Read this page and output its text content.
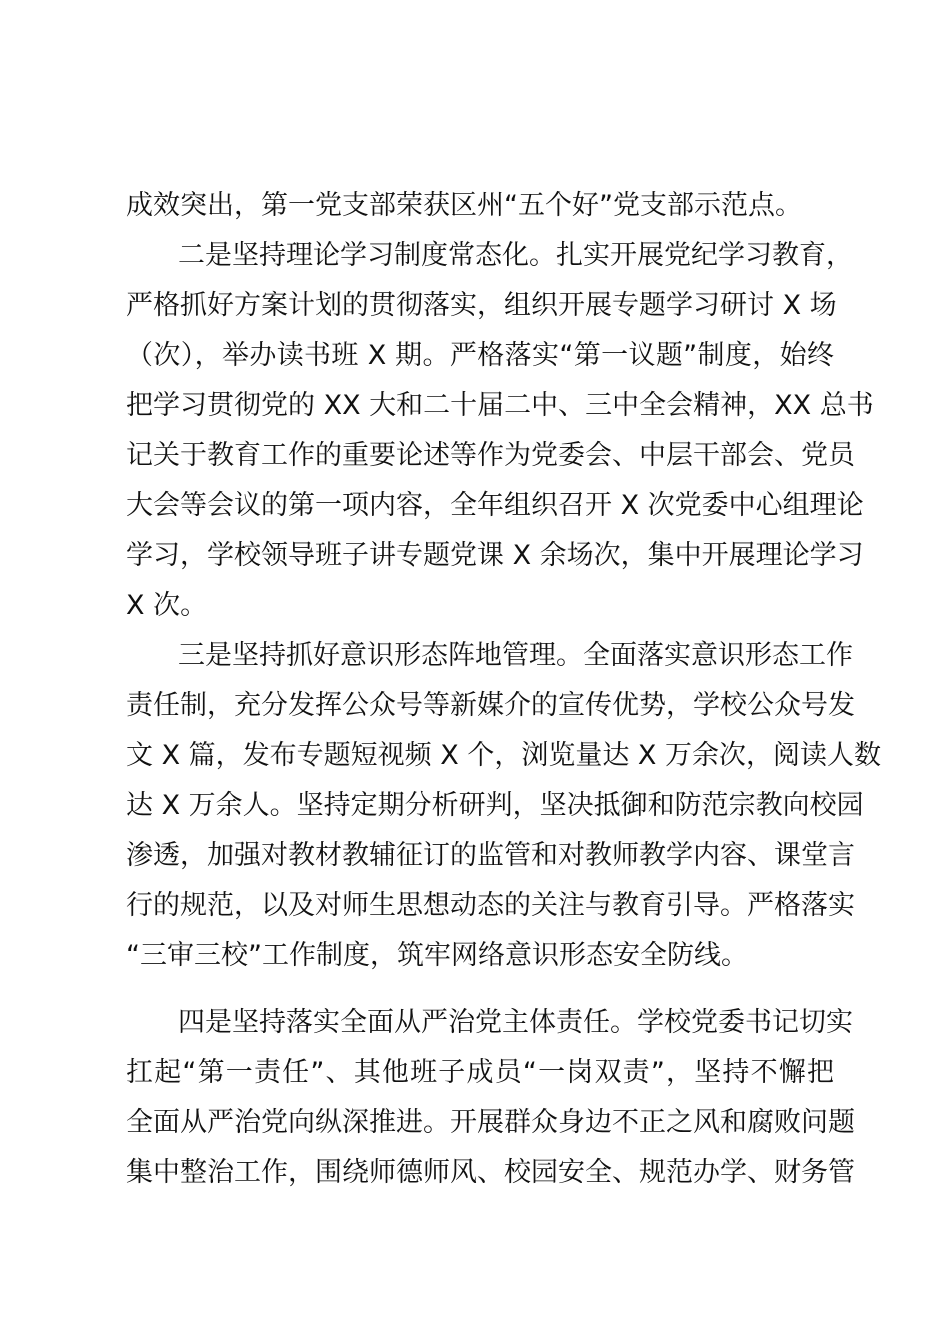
成效突出，第一党支部荣获区州“五个好”党支部示范点。
二是坚持理论学习制度常态化。扎实开展党纪学习教育，
严格抓好方案计划的贯彻落实，组织开展专题学习研讨 X 场
（次），举办读书班 X 期。严格落实“第一议题”制度，始终
把学习贯彻党的 XX 大和二十届二中、三中全会精神，XX 总书
记关于教育工作的重要论述等作为党委会、中层干部会、党员
大会等会议的第一项内容，全年组织召开 X 次党委中心组理论
学习，学校领导班子讲专题党课 X 余场次，集中开展理论学习
X 次。
三是坚持抓好意识形态阵地管理。全面落实意识形态工作
责任制，充分发挥公众号等新媒介的宣传优势，学校公众号发
文 X 篇，发布专题短视频 X 个，浏览量达 X 万余次，阅读人数
达 X 万余人。坚持定期分析研判，坚决抵御和防范宗教向校园
渗透，加强对教材教辅征订的监管和对教师教学内容、课堂言
行的规范，以及对师生思想动态的关注与教育引导。严格落实
“三审三校”工作制度，筑牢网络意识形态安全防线。
四是坚持落实全面从严治党主体责任。学校党委书记切实
扛起“第一责任”、其他班子成员“一岗双责”，坚持不懈把
全面从严治党向纵深推进。开展群众身边不正之风和腐败问题
集中整治工作，围绕师德师风、校园安全、规范办学、财务管
